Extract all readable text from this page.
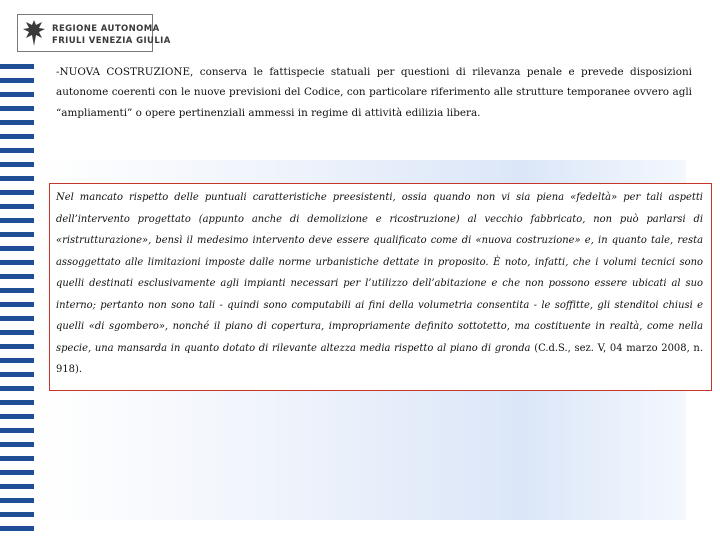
REGIONE AUTONOMA
FRIULI VENEZIA GIULIA

-NUOVA COSTRUZIONE, conserva le fattispecie statuali per questioni di rilevanza penale e prevede disposizioni autonome coerenti con le nuove previsioni del Codice, con particolare riferimento alle strutture temporanee ovvero agli “ampliamenti” o opere pertinenziali ammessi in regime di attività edilizia libera.

Nel mancato rispetto delle puntuali caratteristiche preesistenti, ossia quando non vi sia piena «fedeltà» per tali aspetti dell’intervento progettato (appunto anche di demolizione e ricostruzione) al vecchio fabbricato, non può parlarsi di «ristrutturazione», bensì il medesimo intervento deve essere qualificato come di «nuova costruzione» e, in quanto tale, resta assoggettato alle limitazioni imposte dalle norme urbanistiche dettate in proposito. È noto, infatti, che i volumi tecnici sono quelli destinati esclusivamente agli impianti necessari per l’utilizzo dell’abitazione e che non possono essere ubicati al suo interno; pertanto non sono tali - quindi sono computabili ai fini della volumetria consentita - le soffitte, gli stenditoi chiusi e quelli «di sgombero», nonché il piano di copertura, impropriamente definito sottotetto, ma costituente in realtà, come nella specie, una mansarda in quanto dotato di rilevante altezza media rispetto al piano di gronda (C.d.S., sez. V, 04 marzo 2008, n. 918).
